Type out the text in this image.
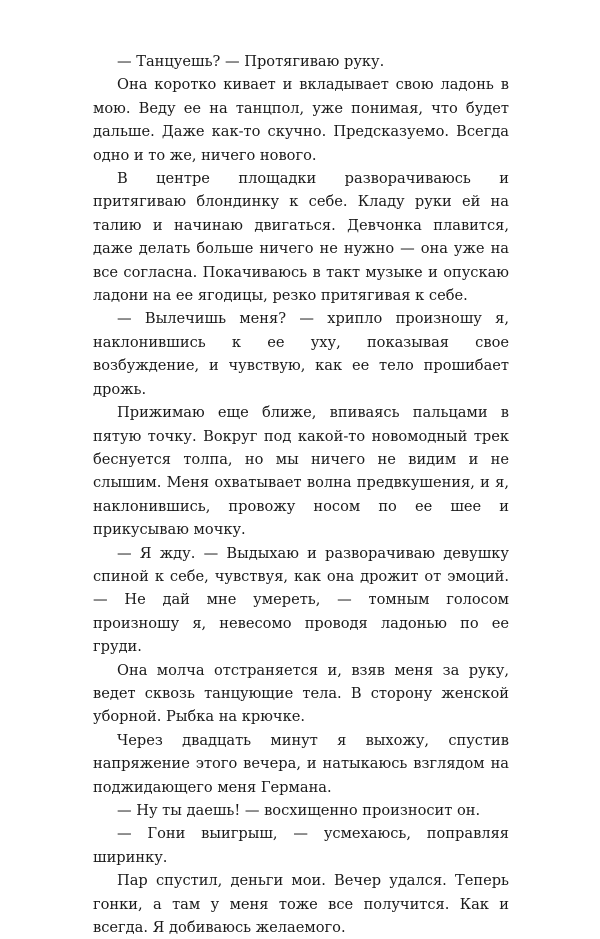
— Танцуешь? — Протягиваю руку.

Она коротко кивает и вкладывает свою ладонь в мою. Веду ее на танцпол, уже понимая, что будет дальше. Даже как-то скучно. Предсказуемо. Всегда одно и то же, ничего нового.

В центре площадки разворачиваюсь и притягиваю блондинку к себе. Кладу руки ей на талию и начинаю двигаться. Девчонка плавится, даже делать больше ничего не нужно — она уже на все согласна. Покачиваюсь в такт музыке и опускаю ладони на ее ягодицы, резко притягивая к себе.

— Вылечишь меня? — хрипло произношу я, наклонившись к ее уху, показывая свое возбуждение, и чувствую, как ее тело прошибает дрожь.

Прижимаю еще ближе, впиваясь пальцами в пятую точку. Вокруг под какой-то новомодный трек беснуется толпа, но мы ничего не видим и не слышим. Меня охватывает волна предвкушения, и я, наклонившись, провожу носом по ее шее и прикусываю мочку.

— Я жду. — Выдыхаю и разворачиваю девушку спиной к себе, чувствуя, как она дрожит от эмоций. — Не дай мне умереть, — томным голосом произношу я, невесомо проводя ладонью по ее груди.

Она молча отстраняется и, взяв меня за руку, ведет сквозь танцующие тела. В сторону женской уборной. Рыбка на крючке.

Через двадцать минут я выхожу, спустив напряжение этого вечера, и натыкаюсь взглядом на поджидающего меня Германа.

— Ну ты даешь! — восхищенно произносит он.

— Гони выигрыш, — усмехаюсь, поправляя ширинку.

Пар спустил, деньги мои. Вечер удался. Теперь гонки, а там у меня тоже все получится. Как и всегда. Я добиваюсь желаемого.
